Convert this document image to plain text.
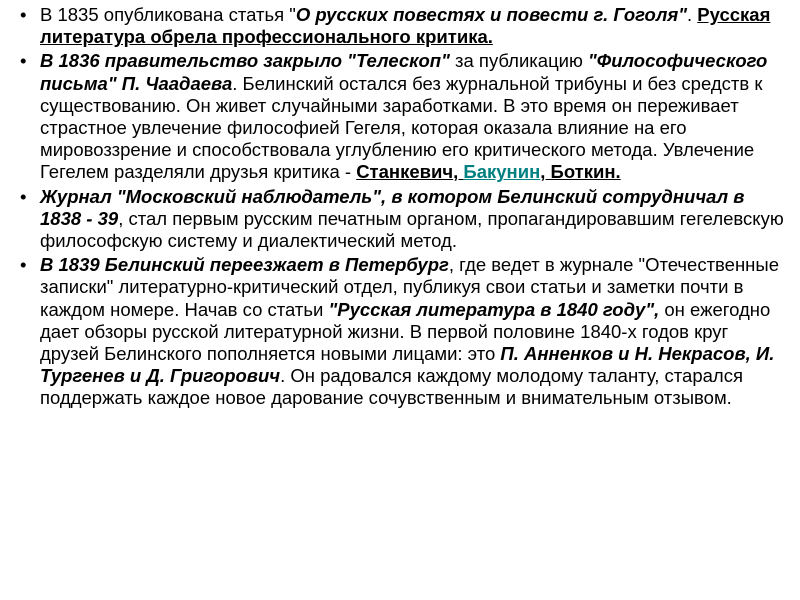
• В 1835 опубликована статья "О русских повестях и повести г. Гоголя". Русская литература обрела профессионального критика.
• В 1836 правительство закрыло "Телескоп" за публикацию "Философического письма" П. Чаадаева. Белинский остался без журнальной трибуны и без средств к существованию. Он живет случайными заработками. В это время он переживает страстное увлечение философией Гегеля, которая оказала влияние на его мировоззрение и способствовала углублению его критического метода. Увлечение Гегелем разделяли друзья критика - Станкевич, Бакунин, Боткин.
• Журнал "Московский наблюдатель", в котором Белинский сотрудничал в 1838 - 39, стал первым русским печатным органом, пропагандировавшим гегелевскую философскую систему и диалектический метод.
• В 1839 Белинский переезжает в Петербург, где ведет в журнале "Отечественные записки" литературно-критический отдел, публикуя свои статьи и заметки почти в каждом номере. Начав со статьи "Русская литература в 1840 году", он ежегодно дает обзоры русской литературной жизни. В первой половине 1840-х годов круг друзей Белинского пополняется новыми лицами: это П. Анненков и Н. Некрасов, И. Тургенев и Д. Григорович. Он радовался каждому молодому таланту, старался поддержать каждое новое дарование сочувственным и внимательным отзывом.
